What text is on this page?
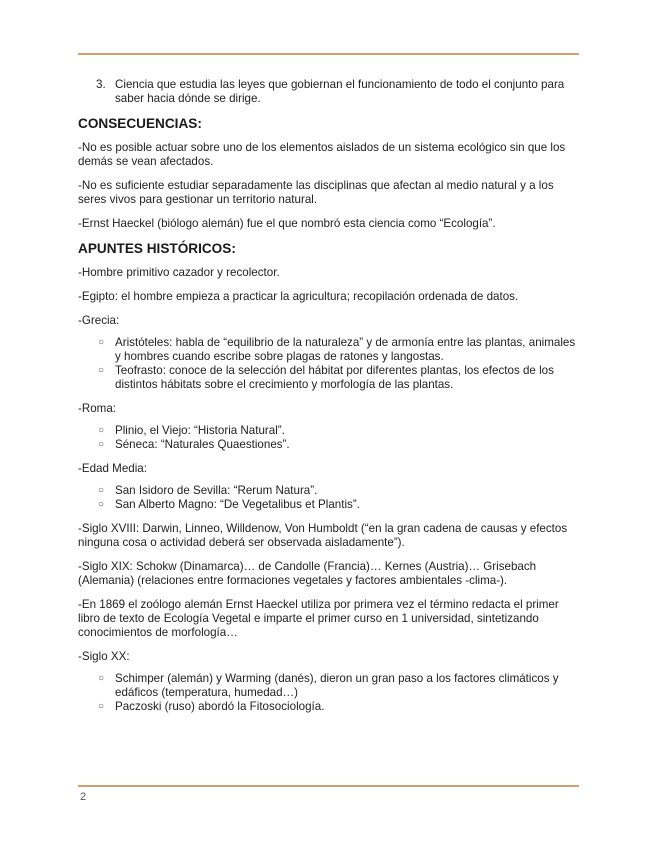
3. Ciencia que estudia las leyes que gobiernan el funcionamiento de todo el conjunto para saber hacia dónde se dirige.
CONSECUENCIAS:

-No es posible actuar sobre uno de los elementos aislados de un sistema ecológico sin que los demás se vean afectados.

-No es suficiente estudiar separadamente las disciplinas que afectan al medio natural y a los seres vivos para gestionar un territorio natural.

-Ernst Haeckel (biólogo alemán) fue el que nombró esta ciencia como “Ecología”.

APUNTES HISTÓRICOS:

-Hombre primitivo cazador y recolector.

-Egipto: el hombre empieza a practicar la agricultura; recopilación ordenada de datos.

-Grecia:

○ Aristóteles: habla de “equilibrio de la naturaleza” y de armonía entre las plantas, animales y hombres cuando escribe sobre plagas de ratones y langostas.
○ Teofrasto: conoce de la selección del hábitat por diferentes plantas, los efectos de los distintos hábitats sobre el crecimiento y morfología de las plantas.

-Roma:

○ Plinio, el Viejo: “Historia Natural”.
○ Séneca: “Naturales Quaestiones”.

-Edad Media:

○ San Isidoro de Sevilla: “Rerum Natura”.
○ San Alberto Magno: “De Vegetalibus et Plantis”.

-Siglo XVIII: Darwin, Linneo, Willdenow, Von Humboldt (“en la gran cadena de causas y efectos ninguna cosa o actividad deberá ser observada aisladamente”).

-Siglo XIX: Schokw (Dinamarca)… de Candolle (Francia)… Kernes (Austria)… Grisebach (Alemania) (relaciones entre formaciones vegetales y factores ambientales -clima-).

-En 1869 el zoólogo alemán Ernst Haeckel utiliza por primera vez el término redacta el primer libro de texto de Ecología Vegetal e imparte el primer curso en 1 universidad, sintetizando conocimientos de morfología…

-Siglo XX:

○ Schimper (alemán) y Warming (danés), dieron un gran paso a los factores climáticos y edáficos (temperatura, humedad…)
○ Paczoski (ruso) abordó la Fitosociología.
2
